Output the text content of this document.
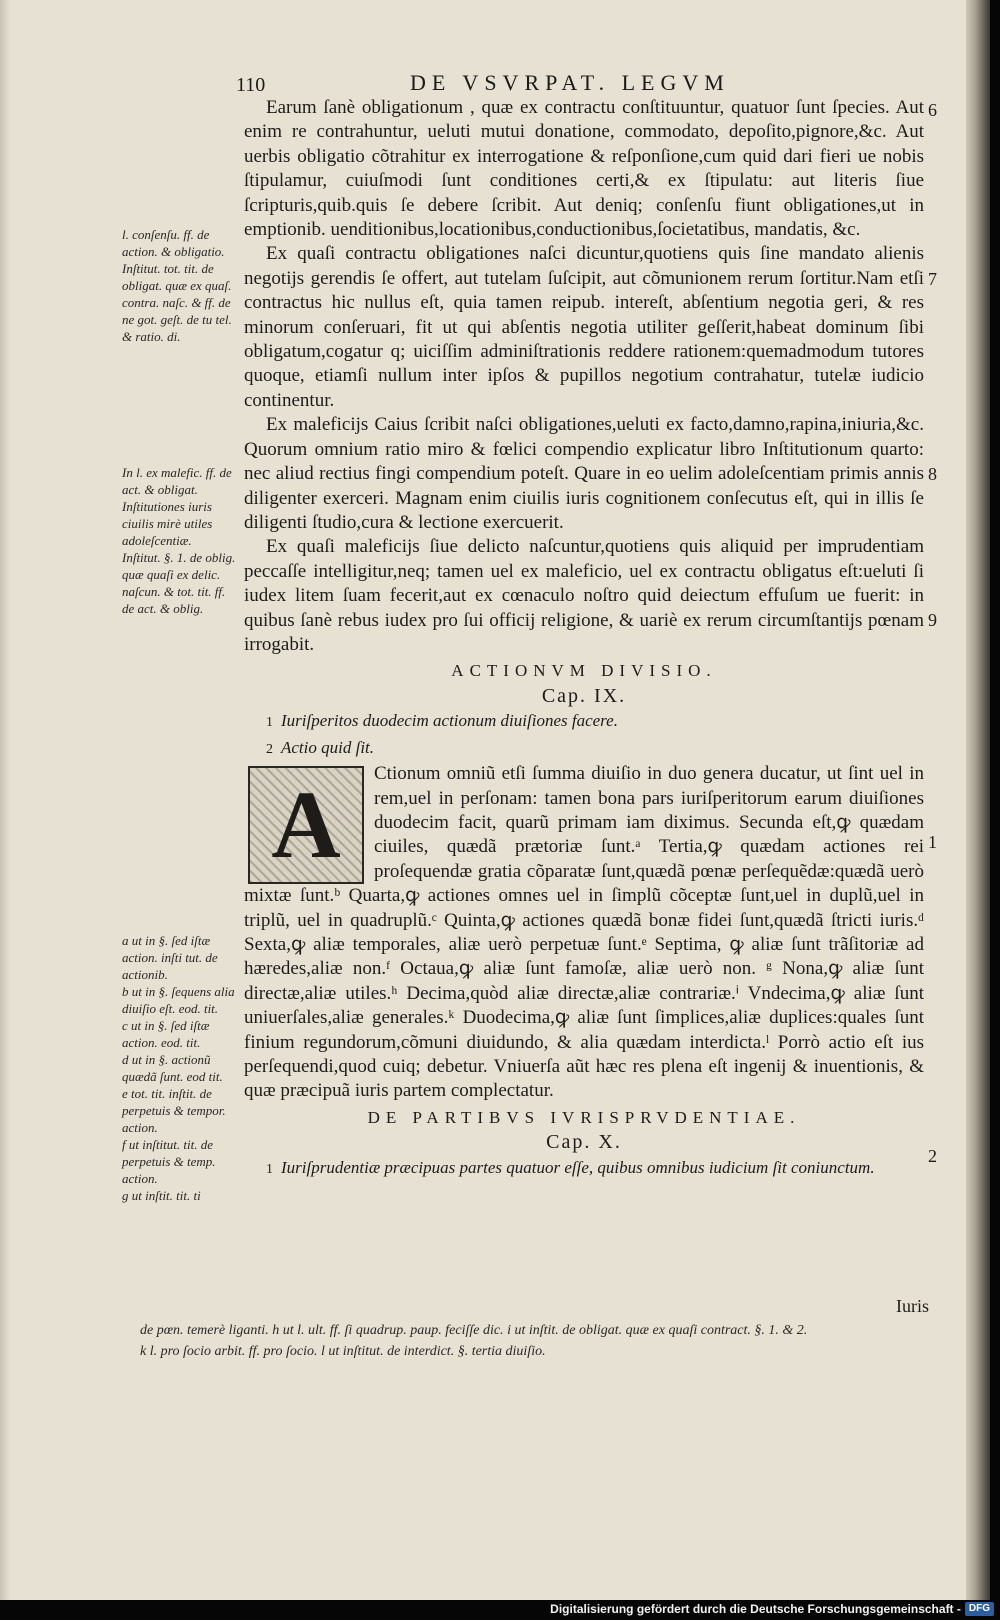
110	DE VSVRPAT. LEGVM
6
7
8
9
1
2

l. conſenſu. ff. de action. & obligatio.

Inſtitut. tot. tit. de obligat. quæ ex quaſ. contra. naſc. & ff. de ne got. geſt. de tu tel. & ratio. di.

In l. ex malefic. ff. de act. & obligat.

Inſtitutiones iuris ciuilis mirè utiles adoleſcentiæ.

Inſtitut. §. 1. de oblig. quæ quaſi ex delic. naſcun. & tot. tit. ff. de act. & oblig.

a ut in §. ſed iſtæ action. inſti tut. de actionib.

b ut in §. ſequens alia diuiſio eſt. eod. tit.

c ut in §. ſed iſtæ action. eod. tit.

d ut in §. actionũ quædã ſunt. eod tit.

e tot. tit. inſtit. de perpetuis & tempor. action.

f ut inſtitut. tit. de perpetuis & temp. action.

g ut inſtit. tit. ti

Earum ſanè obligationum , quæ ex contractu conſtituuntur, quatuor ſunt ſpecies. Aut enim re contrahuntur, ueluti mutui donatione, commodato, depoſito,pignore,&c. Aut uerbis obligatio cõtrahitur ex interrogatione & reſponſione,cum quid dari fieri ue nobis ſtipulamur, cuiuſmodi ſunt conditiones certi,& ex ſtipulatu: aut literis ſiue ſcripturis,quib.quis ſe debere ſcribit. Aut deniq; conſenſu fiunt obligationes,ut in emptionib. uenditionibus,locationibus,conductionibus,ſocietatibus, mandatis, &c.

Ex quaſi contractu obligationes naſci dicuntur,quotiens quis ſine mandato alienis negotijs gerendis ſe offert, aut tutelam ſuſcipit, aut cõmunionem rerum ſortitur.Nam etſi contractus hic nullus eſt, quia tamen reipub. intereſt, abſentium negotia geri, & res minorum conſeruari, fit ut qui abſentis negotia utiliter geſſerit,habeat dominum ſibi obligatum,cogatur q; uiciſſim adminiſtrationis reddere rationem:quemadmodum tutores quoque, etiamſi nullum inter ipſos & pupillos negotium contrahatur, tutelæ iudicio continentur.

Ex maleficijs Caius ſcribit naſci obligationes,ueluti ex facto,damno,rapina,iniuria,&c. Quorum omnium ratio miro & fœlici compendio explicatur libro Inſtitutionum quarto: nec aliud rectius fingi compendium poteſt. Quare in eo uelim adoleſcentiam primis annis diligenter exerceri. Magnam enim ciuilis iuris cognitionem conſecutus eſt, qui in illis ſe diligenti ſtudio,cura & lectione exercuerit.

Ex quaſi maleficijs ſiue delicto naſcuntur,quotiens quis aliquid per imprudentiam peccaſſe intelligitur,neq; tamen uel ex maleficio, uel ex contractu obligatus eſt:ueluti ſi iudex litem ſuam fecerit,aut ex cœnaculo noſtro quid deiectum effuſum ue fuerit: in quibus ſanè rebus iudex pro ſui officij religione, & uariè ex rerum circumſtantijs pœnam irrogabit.

ACTIONVM DIVISIO.
Cap. IX.

1 Iuriſperitos duodecim actionum diuiſiones facere.

2 Actio quid ſit.

A	Ctionum omniũ etſi ſumma diuiſio in duo genera ducatur, ut ſint uel in rem,uel in perſonam: tamen bona pars iuriſperitorum earum diuiſiones duodecim facit, quarũ primam iam diximus. Secunda eſt,ꝙ quædam ciuiles, quædã prætoriæ ſunt.ᵃ Tertia,ꝙ quædam actiones rei proſequendæ gratia cõparatæ ſunt,quædã pœnæ perſequẽdæ:quædã uerò mixtæ ſunt.ᵇ Quarta,ꝙ actiones omnes uel in ſimplũ cõceptæ ſunt,uel in duplũ,uel in triplũ, uel in quadruplũ.ᶜ Quinta,ꝙ actiones quædã bonæ fidei ſunt,quædã ſtricti iuris.ᵈ Sexta,ꝙ aliæ temporales, aliæ uerò perpetuæ ſunt.ᵉ Septima, ꝙ aliæ ſunt trãſitoriæ ad hæredes,aliæ non.ᶠ Octaua,ꝙ aliæ ſunt famoſæ, aliæ uerò non. ᵍ Nona,ꝙ aliæ ſunt directæ,aliæ utiles.ʰ Decima,quòd aliæ directæ,aliæ contrariæ.ⁱ Vndecima,ꝙ aliæ ſunt uniuerſales,aliæ generales.ᵏ Duodecima,ꝙ aliæ ſunt ſimplices,aliæ duplices:quales ſunt finium regundorum,cõmuni diuidundo, & alia quædam interdicta.ˡ Porrò actio eſt ius perſequendi,quod cuiq; debetur. Vniuerſa aũt hæc res plena eſt ingenij & inuentionis, & quæ præcipuã iuris partem complectatur.

DE PARTIBVS IVRISPRVDENTIAE.
Cap. X.

1 Iuriſprudentiæ præcipuas partes quatuor eſſe, quibus omnibus iudicium ſit coniunctum.

Iuris
de pœn. temerè liganti. h ut l. ult. ff. ſi quadrup. paup. feciſſe dic. i ut inſtit. de obligat. quæ ex quaſi contract. §. 1. & 2.
k l. pro ſocio arbit. ff. pro ſocio. l ut inſtitut. de interdict. §. tertia diuiſio.
Digitalisierung gefördert durch die Deutsche Forschungsgemeinschaft - DFG
